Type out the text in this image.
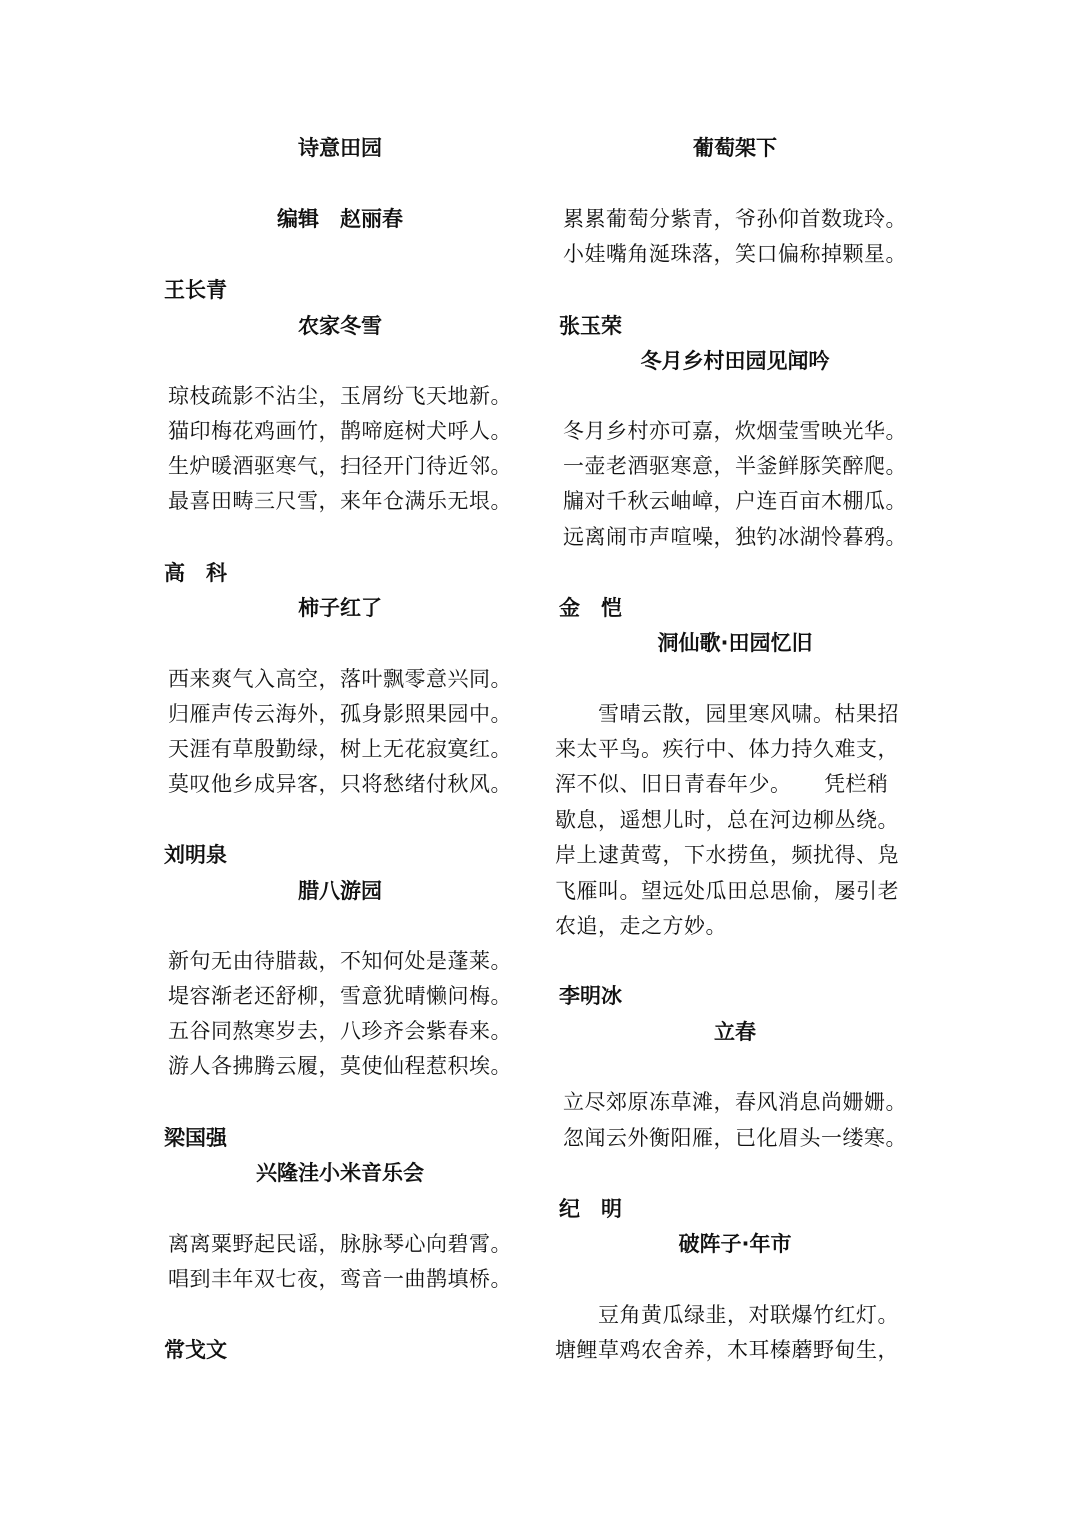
诗意田园
编辑　赵丽春
王长青
农家冬雪
琼枝疏影不沾尘，玉屑纷飞天地新。
猫印梅花鸡画竹，鹊啼庭树犬呼人。
生炉暖酒驱寒气，扫径开门待近邻。
最喜田畴三尺雪，来年仓满乐无垠。
高　科
柿子红了
西来爽气入高空，落叶飘零意兴同。
归雁声传云海外，孤身影照果园中。
天涯有草殷勤绿，树上无花寂寞红。
莫叹他乡成异客，只将愁绪付秋风。
刘明泉
腊八游园
新句无由待腊裁，不知何处是蓬莱。
堤容渐老还舒柳，雪意犹晴懒问梅。
五谷同熬寒岁去，八珍齐会紫春来。
游人各拂腾云履，莫使仙程惹积埃。
梁国强
兴隆洼小米音乐会
离离粟野起民谣，脉脉琴心向碧霄。
唱到丰年双七夜，鸾音一曲鹊填桥。
常戈文
葡萄架下
累累葡萄分紫青，爷孙仰首数珑玲。
小娃嘴角涎珠落，笑口偏称掉颗星。
张玉荣
冬月乡村田园见闻吟
冬月乡村亦可嘉，炊烟莹雪映光华。
一壶老酒驱寒意，半釜鲜豚笑醉爬。
牖对千秋云岫嶂，户连百亩木棚瓜。
远离闹市声喧噪，独钓冰湖怜暮鸦。
金　恺
洞仙歌·田园忆旧
　　雪晴云散，园里寒风啸。枯果招
来太平鸟。疾行中、体力持久难支，
浑不似、旧日青春年少。　　凭栏稍
歇息，遥想儿时，总在河边柳丛绕。
岸上逮黄莺，下水捞鱼，频扰得、凫
飞雁叫。望远处瓜田总思偷，屡引老
农追，走之方妙。
李明冰
立春
立尽郊原冻草滩，春风消息尚姗姗。
忽闻云外衡阳雁，已化眉头一缕寒。
纪　明
破阵子·年市
　　豆角黄瓜绿韭，对联爆竹红灯。
塘鲤草鸡农舍养，木耳榛蘑野甸生，
